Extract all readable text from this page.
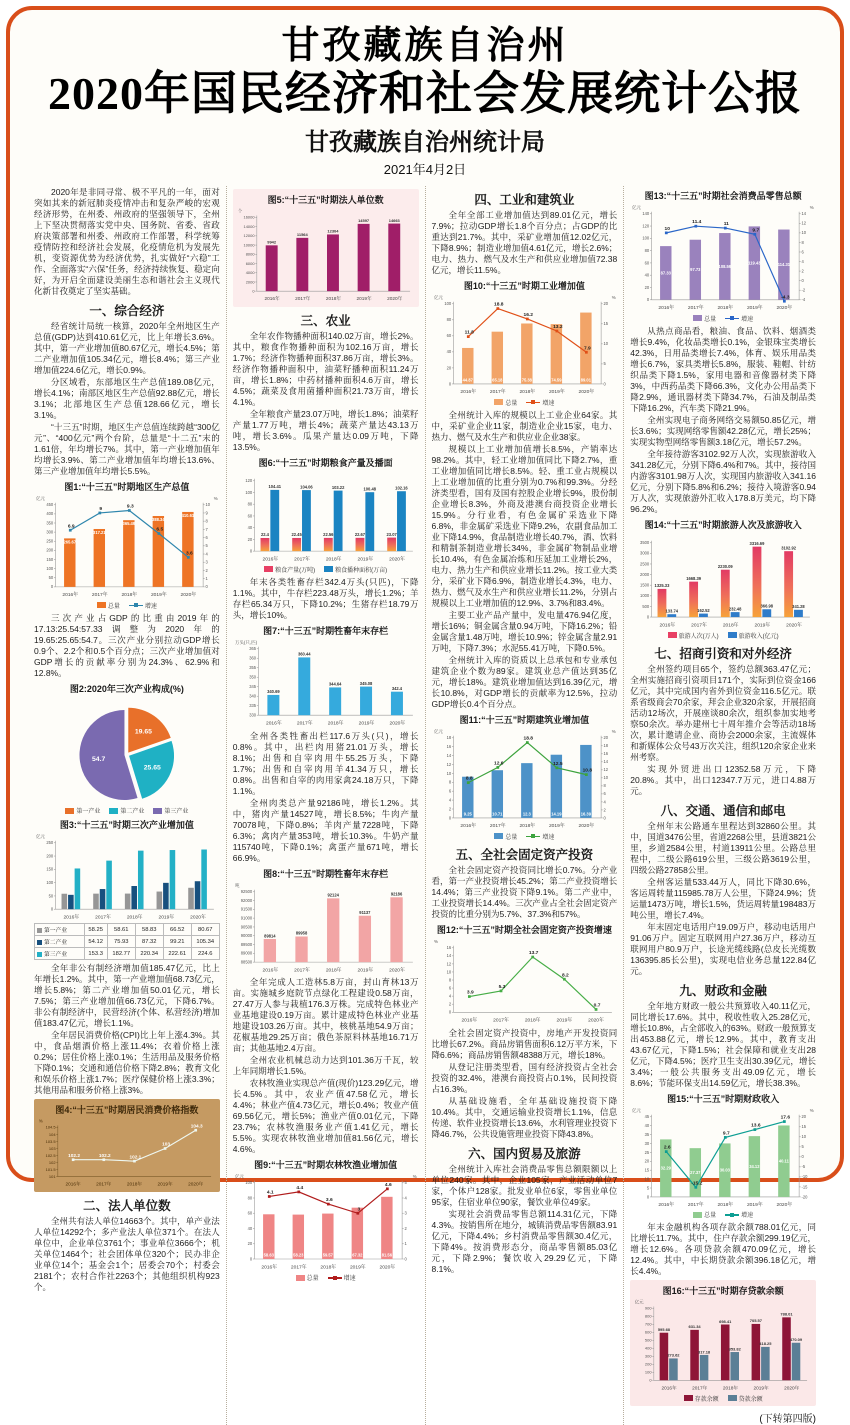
甘孜藏族自治州
2020年国民经济和社会发展统计公报
甘孜藏族自治州统计局
2021年4月2日
2020年是非同寻常、极不平凡的一年，面对突如其来的新冠肺炎疫情冲击和复杂严峻的宏观经济形势，在州委、州政府的坚强领导下，全州上下坚决贯彻落实党中央、国务院、省委、省政府决策部署和州委、州政府工作部署，科学统筹疫情防控和经济社会发展，化疫情危机为发展先机，变资源优势为经济优势，扎实做好“六稳”工作、全面落实“六保”任务，经济持续恢复、稳定向好，为开启全面建设美丽生态和谐社会主义现代化新甘孜奠定了坚实基础。
一、综合经济
经省统计局统一核算，2020年全州地区生产总值(GDP)达到410.61亿元，比上年增长3.6%。其中，第一产业增加值80.67亿元，增长4.5%；第二产业增加值105.34亿元，增长8.4%；第三产业增加值224.6亿元，增长0.9%。
分区域看，东部地区生产总值189.08亿元，增长4.1%；南部区地区生产总值92.88亿元，增长3.1%；北部地区生产总值128.66亿元，增长3.1%。
“十三五”时期，地区生产总值连续跨越“300亿元”、“400亿元”两个台阶，总量是“十二五”末的1.61倍，年均增长7%。其中，第一产业增加值年均增长3.9%、第二产业增加值年均增长13.6%、第三产业增加值年均增长5.5%。
图1:“十三五”时期地区生产总值
0
50
100
150
200
250
300
350
400
450
亿元
0
1
2
3
4
5
6
7
8
9
10
%
2016年	2017年	2018年	2019年	2020年
265.67
317.21
365.49
388.34
410.61
6.9
9	9.3
6.5
3.6
总量	增速
三次产业占GDP的比重由2019年的17.13:25.54:57.33调整为2020年的19.65:25.65:54.7。三次产业分别拉动GDP增长0.9个、2.2个和0.5个百分点；三次产业增加值对GDP增长的贡献率分别为24.3%、62.9%和12.8%。
图2:2020年三次产业构成(%)
19.65
25.65
54.7
第一产业	第二产业	第三产业
图3:“十三五”时期三次产业增加值
0
50
100
150
200
250
亿元
2016年	2017年	2018年	2019年	2020年
第一产业	58.25	58.61	58.83	66.52	80.67
第二产业	54.12	75.93	87.32	99.21	105.34
第三产业	153.3	182.77	220.34	222.61	224.6
全年非公有制经济增加值185.47亿元，比上年增长1.2%。其中，第一产业增加值68.73亿元，增长5.8%；第二产业增加值50.01亿元，增长7.5%；第三产业增加值66.73亿元，下降6.7%。非公有制经济中，民营经济(个体、私营经济)增加值183.47亿元，增长1.1%。
全年居民消费价格(CPI)比上年上涨4.3%。其中，食品烟酒价格上涨11.4%；衣着价格上涨0.2%；居住价格上涨0.1%；生活用品及服务价格下降0.1%；交通和通信价格下降2.8%；教育文化和娱乐价格上涨1.7%；医疗保健价格上涨3.3%；其他用品和服务价格上涨3%。
图4:“十三五”时期居民消费价格指数
101
101.5
102
102.5
103
103.5
104
104.5
%
2016年	2017年	2018年	2019年	2020年
102.2	102.2	102.1
103
104.3
二、法人单位数
全州共有法人单位14663个。其中，单产业法人单位14292个；多产业法人单位371个。在法人单位中，企业单位3761个；事业单位3666个；机关单位1464个；社会团体单位320个；民办非企业单位14个；基金会1个；居委会70个；村委会2181个；农村合作社2263个；其他组织机构923个。
图5:“十三五”时期法人单位数
0
2000
4000
6000
8000
10000
12000
14000
16000
个
2016年	2017年	2018年	2019年	2020年
9942
11564
12304
14597	14663
三、农业
全年农作物播种面积140.02万亩，增长2%。其中，粮食作物播种面积为102.16万亩，增长1.7%；经济作物播种面积37.86万亩，增长3%。经济作物播种面积中，油菜籽播种面积11.24万亩，增长1.8%；中药材播种面积4.6万亩，增长4.5%；蔬菜及食用菌播种面积21.73万亩，增长4.1%。
全年粮食产量23.07万吨，增长1.8%；油菜籽产量1.77万吨，增长4%；蔬菜产量达43.13万吨，增长3.6%。瓜果产量达0.09万吨，下降13.5%。
图6:“十三五”时期粮食产量及播面
0
20
40
60
80
100
120
2016年	2017年	2018年	2019年	2020年
22.4	22.45	22.56	22.67	23.07
104.41	104.06	103.22	100.48	102.16
粮食产量(万吨)	粮食播种面积(万亩)
年末各类牲畜存栏342.4万头(只匹)，下降1.1%。其中，牛存栏223.48万头，增长1.2%；羊存栏65.34万只，下降10.2%；生猪存栏18.79万头，增长10%。
图7:“十三五”时期牲畜年末存栏
330
335
340
345
350
355
360
365
万头(只,匹)
2016年	2017年	2018年	2019年	2020年
340.69
360.44
344.64	345.08
342.4
全州各类牲畜出栏117.6万头(只)，增长0.8%。其中，出栏肉用猪21.01万头，增长8.1%；出售和自宰肉用牛55.25万头，下降1.7%；出售和自宰肉用羊41.34万只，增长0.8%。出售和自宰的肉用家禽24.18万只，下降1.1%。
全州肉类总产量92186吨，增长1.2%。其中，猪肉产量14527吨，增长8.5%；牛肉产量70078吨，下降0.8%；羊肉产量7228吨，下降6.3%；禽肉产量353吨，增长10.3%。牛奶产量115740吨，下降0.1%；禽蛋产量671吨，增长66.9%。
图8:“十三五”时期牲畜年末存栏
88500
89000
89500
90000
90500
91000
91500
92000
92500
吨
2016年	2017年	2018年	2019年	2020年
89814
89958
92124
91137
92186
全年完成人工造林5.8万亩，封山育林13万亩。实施城乡庭院节点绿化工程建设0.58万亩，27.47万人参与栽植176.3万株。完成特色林业产业基地建设0.19万亩。累计建成特色林业产业基地建设103.26万亩。其中，核桃基地54.9万亩；花椒基地29.25万亩；俄色茶原料林基地16.71万亩；其他基地2.4万亩。
全州农业机械总动力达到101.36万千瓦，较上年同期增长1.5%。
农林牧渔业实现总产值(现价)123.29亿元，增长4.5%。其中，农业产值47.58亿元，增长4.4%；林业产值4.73亿元，增长0.4%；牧业产值69.56亿元，增长5%；渔业产值0.01亿元，下降23.7%；农林牧渔服务业产值1.41亿元，增长5.5%。实现农林牧渔业增加值81.56亿元，增长4.6%。
图9:“十三五”时期农林牧渔业增加值
0
20
40
60
80
100
亿元
0
1
2
3
4
5
%
2016年	2017年	2018年	2019年	2020年
58.63	58.23	59.57	67.32	81.56
4.1
4.4
3.6
3
4.6
总量	增速
四、工业和建筑业
全年全部工业增加值达到89.01亿元，增长7.9%；拉动GDP增长1.8个百分点；占GDP的比重达到21.7%。其中，采矿业增加值12.02亿元，下降8.9%；制造业增加值4.61亿元，增长2.6%；电力、热力、燃气及水生产和供应业增加值72.38亿元，增长11.5%。
图10:“十三五”时期工业增加值
0
20
40
60
80
100
亿元
0
5
10
15
20
%
2016年	2017年	2018年	2019年	2020年
44.87	65.18	75.38	74.59	89.01
11.8
18.8
16.2
13.2
7.9
总量	增速
全州统计入库的规模以上工业企业64家。其中，采矿业企业11家，制造业企业15家，电力、热力、燃气及水生产和供应业企业38家。
规模以上工业增加值增长8.5%，产销率达98.2%。其中，轻工业增加值同比下降2.7%，重工业增加值同比增长8.5%。轻、重工业占规模以上工业增加值的比重分别为0.7%和99.3%。分经济类型看，国有及国有控股企业增长9%，股份制企业增长8.3%，外商及港澳台商投资企业增长15.9%。分行业看，有色金属矿采选业下降6.8%，非金属矿采选业下降9.2%，农副食品加工业下降14.9%，食品制造业增长40.7%，酒、饮料和精制茶制造业增长34%，非金属矿物制品业增长10.4%，有色金属冶炼和压延加工业增长2%，电力、热力生产和供应业增长11.2%。按工业大类分，采矿业下降6.9%，制造业增长4.3%，电力、热力、燃气及水生产和供应业增长11.2%，分别占规模以上工业增加值的12.9%、3.7%和83.4%。
主要工业产品产量中，发电量476.94亿度，增长16%；铜金属含量0.94万吨，下降16.2%；铅金属含量1.48万吨，增长10.9%；锌金属含量2.91万吨，下降7.3%；水泥55.41万吨，下降0.5%。
全州统计入库的资质以上总承包和专业承包建筑企业个数为89家。建筑业总产值达到35亿元，增长18%。建筑业增加值达到16.39亿元，增长10.8%，对GDP增长的贡献率为12.5%，拉动GDP增长0.4个百分点。
图11:“十三五”时期建筑业增加值
0
2
4
6
8
10
12
14
16
18
亿元
0
2
4
6
8
10
12
14
16
18
20
%
2016年	2017年	2018年	2019年	2020年
9.25	10.71	12.3	14.19	16.39
8.8
12.6
18.8
12.5
10.8
总量	增速
五、全社会固定资产投资
全社会固定资产投资同比增长0.7%。分产业看，第一产业投资增长45.2%；第二产业投资增长14.4%；第三产业投资下降9.1%。第二产业中，工业投资增长14.4%。三次产业占全社会固定资产投资的比重分别为5.7%、37.3%和57%。
图12:“十三五”时期全社会固定资产投资增速
0
2
4
6
8
10
12
14
16
%
2016年	2017年	2018年	2019年	2020年
3.9
5.3
13.7
8.2
0.7
全社会固定资产投资中，房地产开发投资同比增长67.2%。商品房销售面积6.12万平方米，下降6.6%；商品房销售额48388万元，增长18%。
从登记注册类型看，国有经济投资占全社会投资的32.4%，港澳台商投资占0.1%，民间投资占16.3%。
从基础设施看，全年基础设施投资下降10.4%。其中，交通运输业投资增长1.1%，信息传递、软件业投资增长13.6%，水利管理业投资下降46.7%，公共设施管理业投资下降43.8%。
六、国内贸易及旅游
全州统计入库社会消费品零售总额限额以上单位240家。其中，企业105家，产业活动单位7家，个体户128家。批发业单位6家，零售业单位95家，住宿业单位90家，餐饮业单位49家。
实现社会消费品零售总额114.31亿元，下降4.3%。按销售所在地分，城镇消费品零售额83.91亿元，下降4.4%；乡村消费品零售额30.4亿元，下降4%。按消费形态分，商品零售额85.03亿元，下降2.9%；餐饮收入29.29亿元，下降8.1%。
图13:“十三五”时期社会消费品零售总额
0
20
40
60
80
100
120
140
亿元
-4
-2
0
2
4
6
8
10
12
14
%
2016年	2017年	2018年	2019年	2020年
87.33
97.73
108.59
119.43	114.31
10
11.4	11
9.7
-4.3
总量	增速
从热点商品看，粮油、食品、饮料、烟酒类增长9.4%，化妆品类增长0.1%，金银珠宝类增长42.3%，日用品类增长7.4%，体育、娱乐用品类增长6.7%，家具类增长5.8%，服装、鞋帽、针纺织品类下降1.5%，家用电器和音像器材类下降3%，中西药品类下降66.3%，文化办公用品类下降2.9%，通讯器材类下降34.7%，石油及制品类下降16.2%，汽车类下降21.9%。
全州实现电子商务网络交易额50.85亿元，增长3.6%；实现网络零售额42.28亿元，增长25%；实现实物型网络零售额3.18亿元，增长57.2%。
全年接待游客3102.92万人次，实现旅游收入341.28亿元，分别下降6.4%和7%。其中，接待国内游客3101.98万人次，实现国内旅游收入341.16亿元，分别下降5.8%和6.2%；接待入境游客0.94万人次，实现旅游外汇收入178.8万美元，均下降96.2%。
图14:“十三五”时期旅游人次及旅游收入
0
500
1000
1500
2000
2500
3000
3500
2016年	2017年	2018年	2019年	2020年
1325.33
1668.39
2230.09
3316.69
3102.92
133.74	162.52	232.48
366.98	341.28
旅游人次(万人)	旅游收入(亿元)
七、招商引资和对外经济
全州签约项目65个，签约总额363.47亿元；全州实施招商引资项目171个，实际到位资金166亿元，其中完成国内省外到位资金116.5亿元。联系省级商会70余家，拜会企业320余家，开展招商活动12场次，开展座谈80余次，组织参加实地考察50余次。举办建州七十周年推介会等活动18场次，累计邀请企业、商协会2000余家，主流媒体和新媒体公众号43万次关注，组织120余家企业来州考察。
实现外贸进出口12352.58万元，下降20.8%。其中，出口12347.7万元，进口4.88万元。
八、交通、通信和邮电
全州年末公路通车里程达到32860公里。其中，国道3476公里，省道2268公里，县道3821公里，乡道2584公里，村道13911公里。公路总里程中，二级公路619公里，三级公路3619公里，四级公路27858公里。
全州客运量533.44万人，同比下降30.6%，客运周转量115985.78万人公里，下降24.9%；货运量1473万吨，增长1.5%，货运周转量198483万吨公里，增长7.4%。
年末固定电话用户19.09万户，移动电话用户91.06万户。固定互联网用户27.36万户，移动互联网用户80.9万户，长途光缆线路(总皮长光缆数136395.85长公里)，实现电信业务总量122.84亿元。
九、财政和金融
全年地方财政一般公共预算收入40.11亿元，同比增长17.6%。其中，税收性收入25.28亿元，增长10.8%，占全部收入的63%。财政一般预算支出453.88亿元，增长12.9%。其中，教育支出43.67亿元，下降1.5%；社会保障和就业支出28亿元，下降4.5%；医疗卫生支出30.39亿元，增长3.4%；一般公共服务支出49.09亿元，增长8.6%；节能环保支出14.59亿元，增长38.3%。
图15:“十三五”时期财政收入
0
5
10
15
20
25
30
35
40
45
亿元
-20
-15
-10
-5
0
5
10
15
20
%
2016年	2017年	2018年	2019年	2020年
32.29
27.37	30.03
34.12
40.11
2.6
-15.2
9.7
13.6
17.6
总量	增速
年末金融机构各项存款余额788.01亿元，同比增长11.7%。其中，住户存款余额299.19亿元，增长12.6%。各项贷款余额470.09亿元，增长12.4%。其中，中长期贷款余额396.18亿元，增长4.4%。
图16:“十三五”时期存贷款余额
0
100
200
300
400
500
600
700
800
900
亿元
2016年	2017年	2018年	2019年	2020年
595.68
631.34
698.41	705.57
788.01
273.62
317.18
353.82
418.25
470.09
存款余额	贷款余额
(下转第四版)
